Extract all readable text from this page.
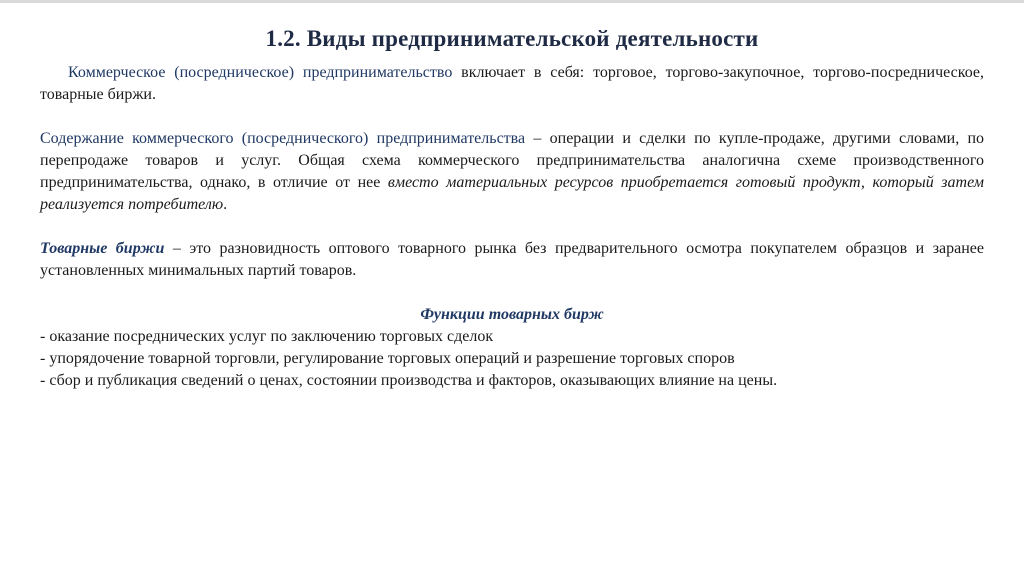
1.2. Виды предпринимательской деятельности

Коммерческое (посредническое) предпринимательство включает в себя: торговое, торгово-закупочное, торгово-посредническое, товарные биржи.

Содержание коммерческого (посреднического) предпринимательства – операции и сделки по купле-продаже, другими словами, по перепродаже товаров и услуг. Общая схема коммерческого предпринимательства аналогична схеме производственного предпринимательства, однако, в отличие от нее вместо материальных ресурсов приобретается готовый продукт, который затем реализуется потребителю.

Товарные биржи – это разновидность оптового товарного рынка без предварительного осмотра покупателем образцов и заранее установленных минимальных партий товаров.

Функции товарных бирж

- оказание посреднических услуг по заключению торговых сделок

- упорядочение товарной торговли, регулирование торговых операций и разрешение торговых споров

- сбор и публикация сведений о ценах, состоянии производства и факторов, оказывающих влияние на цены.
